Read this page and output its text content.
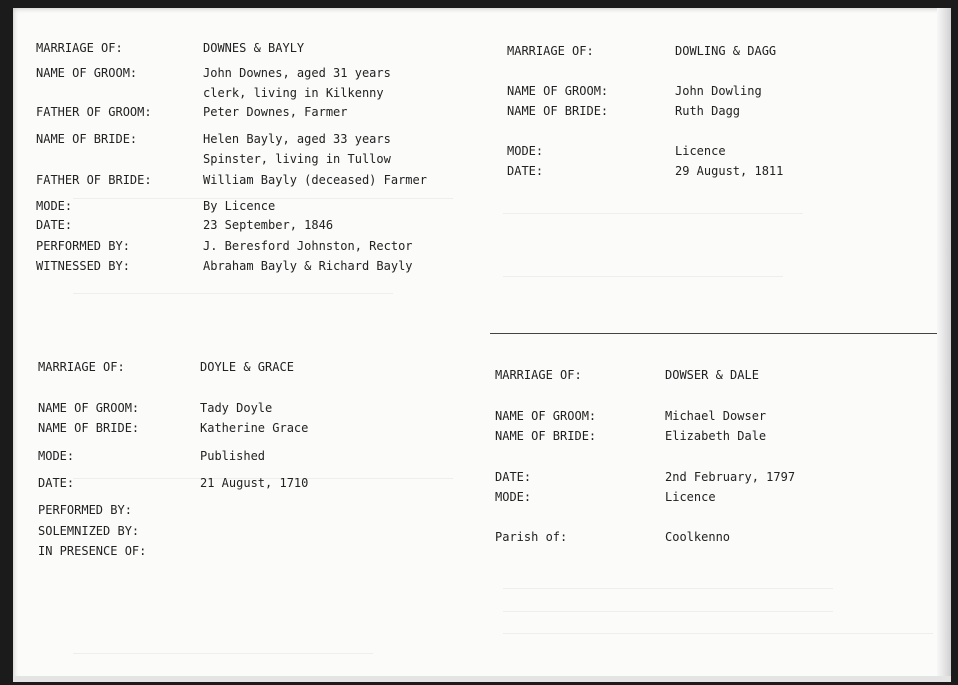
MARRIAGE OF:	DOWNES & BAYLY
NAME OF GROOM:	John Downes, aged 31 years
clerk, living in Kilkenny
FATHER OF GROOM:	Peter Downes, Farmer
NAME OF BRIDE:	Helen Bayly, aged 33 years
Spinster, living in Tullow
FATHER OF BRIDE:	William Bayly (deceased) Farmer
MODE:	By Licence
DATE:	23 September, 1846
PERFORMED BY:	J. Beresford Johnston, Rector
WITNESSED BY:	Abraham Bayly & Richard Bayly
MARRIAGE OF:	DOWLING & DAGG
NAME OF GROOM:	John Dowling
NAME OF BRIDE:	Ruth Dagg
MODE:	Licence
DATE:	29 August, 1811
MARRIAGE OF:	DOYLE & GRACE
NAME OF GROOM:	Tady Doyle
NAME OF BRIDE:	Katherine Grace
MODE:	Published
DATE:	21 August, 1710
PERFORMED BY:
SOLEMNIZED BY:
IN PRESENCE OF:
MARRIAGE OF:	DOWSER & DALE
NAME OF GROOM:	Michael Dowser
NAME OF BRIDE:	Elizabeth Dale
DATE:	2nd February, 1797
MODE:	Licence
Parish of:	Coolkenno
